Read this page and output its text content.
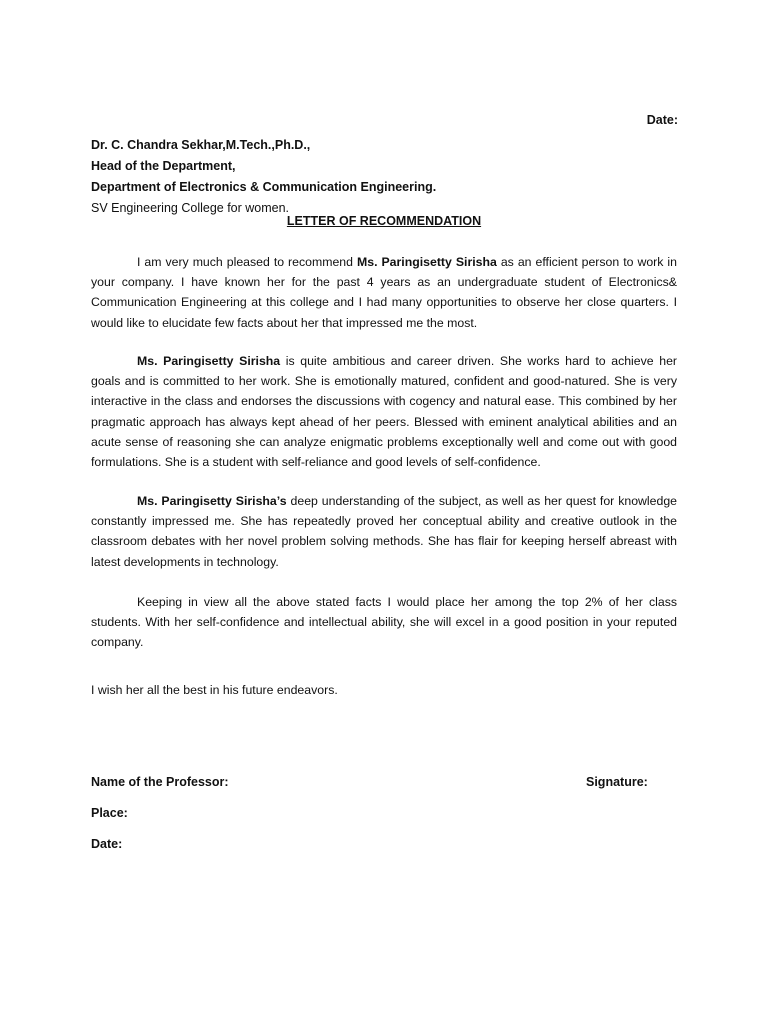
Date:
Dr. C. Chandra Sekhar,M.Tech.,Ph.D.,
Head of the Department,
Department of Electronics & Communication Engineering.
SV Engineering College for women.
LETTER OF RECOMMENDATION

I am very much pleased to recommend Ms. Paringisetty Sirisha as an efficient person to work in your company. I have known her for the past 4 years as an undergraduate student of Electronics& Communication Engineering at this college and I had many opportunities to observe her close quarters. I would like to elucidate few facts about her that impressed me the most.

Ms. Paringisetty Sirisha is quite ambitious and career driven. She works hard to achieve her goals and is committed to her work. She is emotionally matured, confident and good-natured. She is very interactive in the class and endorses the discussions with cogency and natural ease. This combined by her pragmatic approach has always kept ahead of her peers. Blessed with eminent analytical abilities and an acute sense of reasoning she can analyze enigmatic problems exceptionally well and come out with good formulations. She is a student with self-reliance and good levels of self-confidence.

Ms. Paringisetty Sirisha’s deep understanding of the subject, as well as her quest for knowledge constantly impressed me. She has repeatedly proved her conceptual ability and creative outlook in the classroom debates with her novel problem solving methods. She has flair for keeping herself abreast with latest developments in technology.

Keeping in view all the above stated facts I would place her among the top 2% of her class students. With her self-confidence and intellectual ability, she will excel in a good position in your reputed company.

I wish her all the best in his future endeavors.
Name of the Professor:	Signature:
Place:
Date:
